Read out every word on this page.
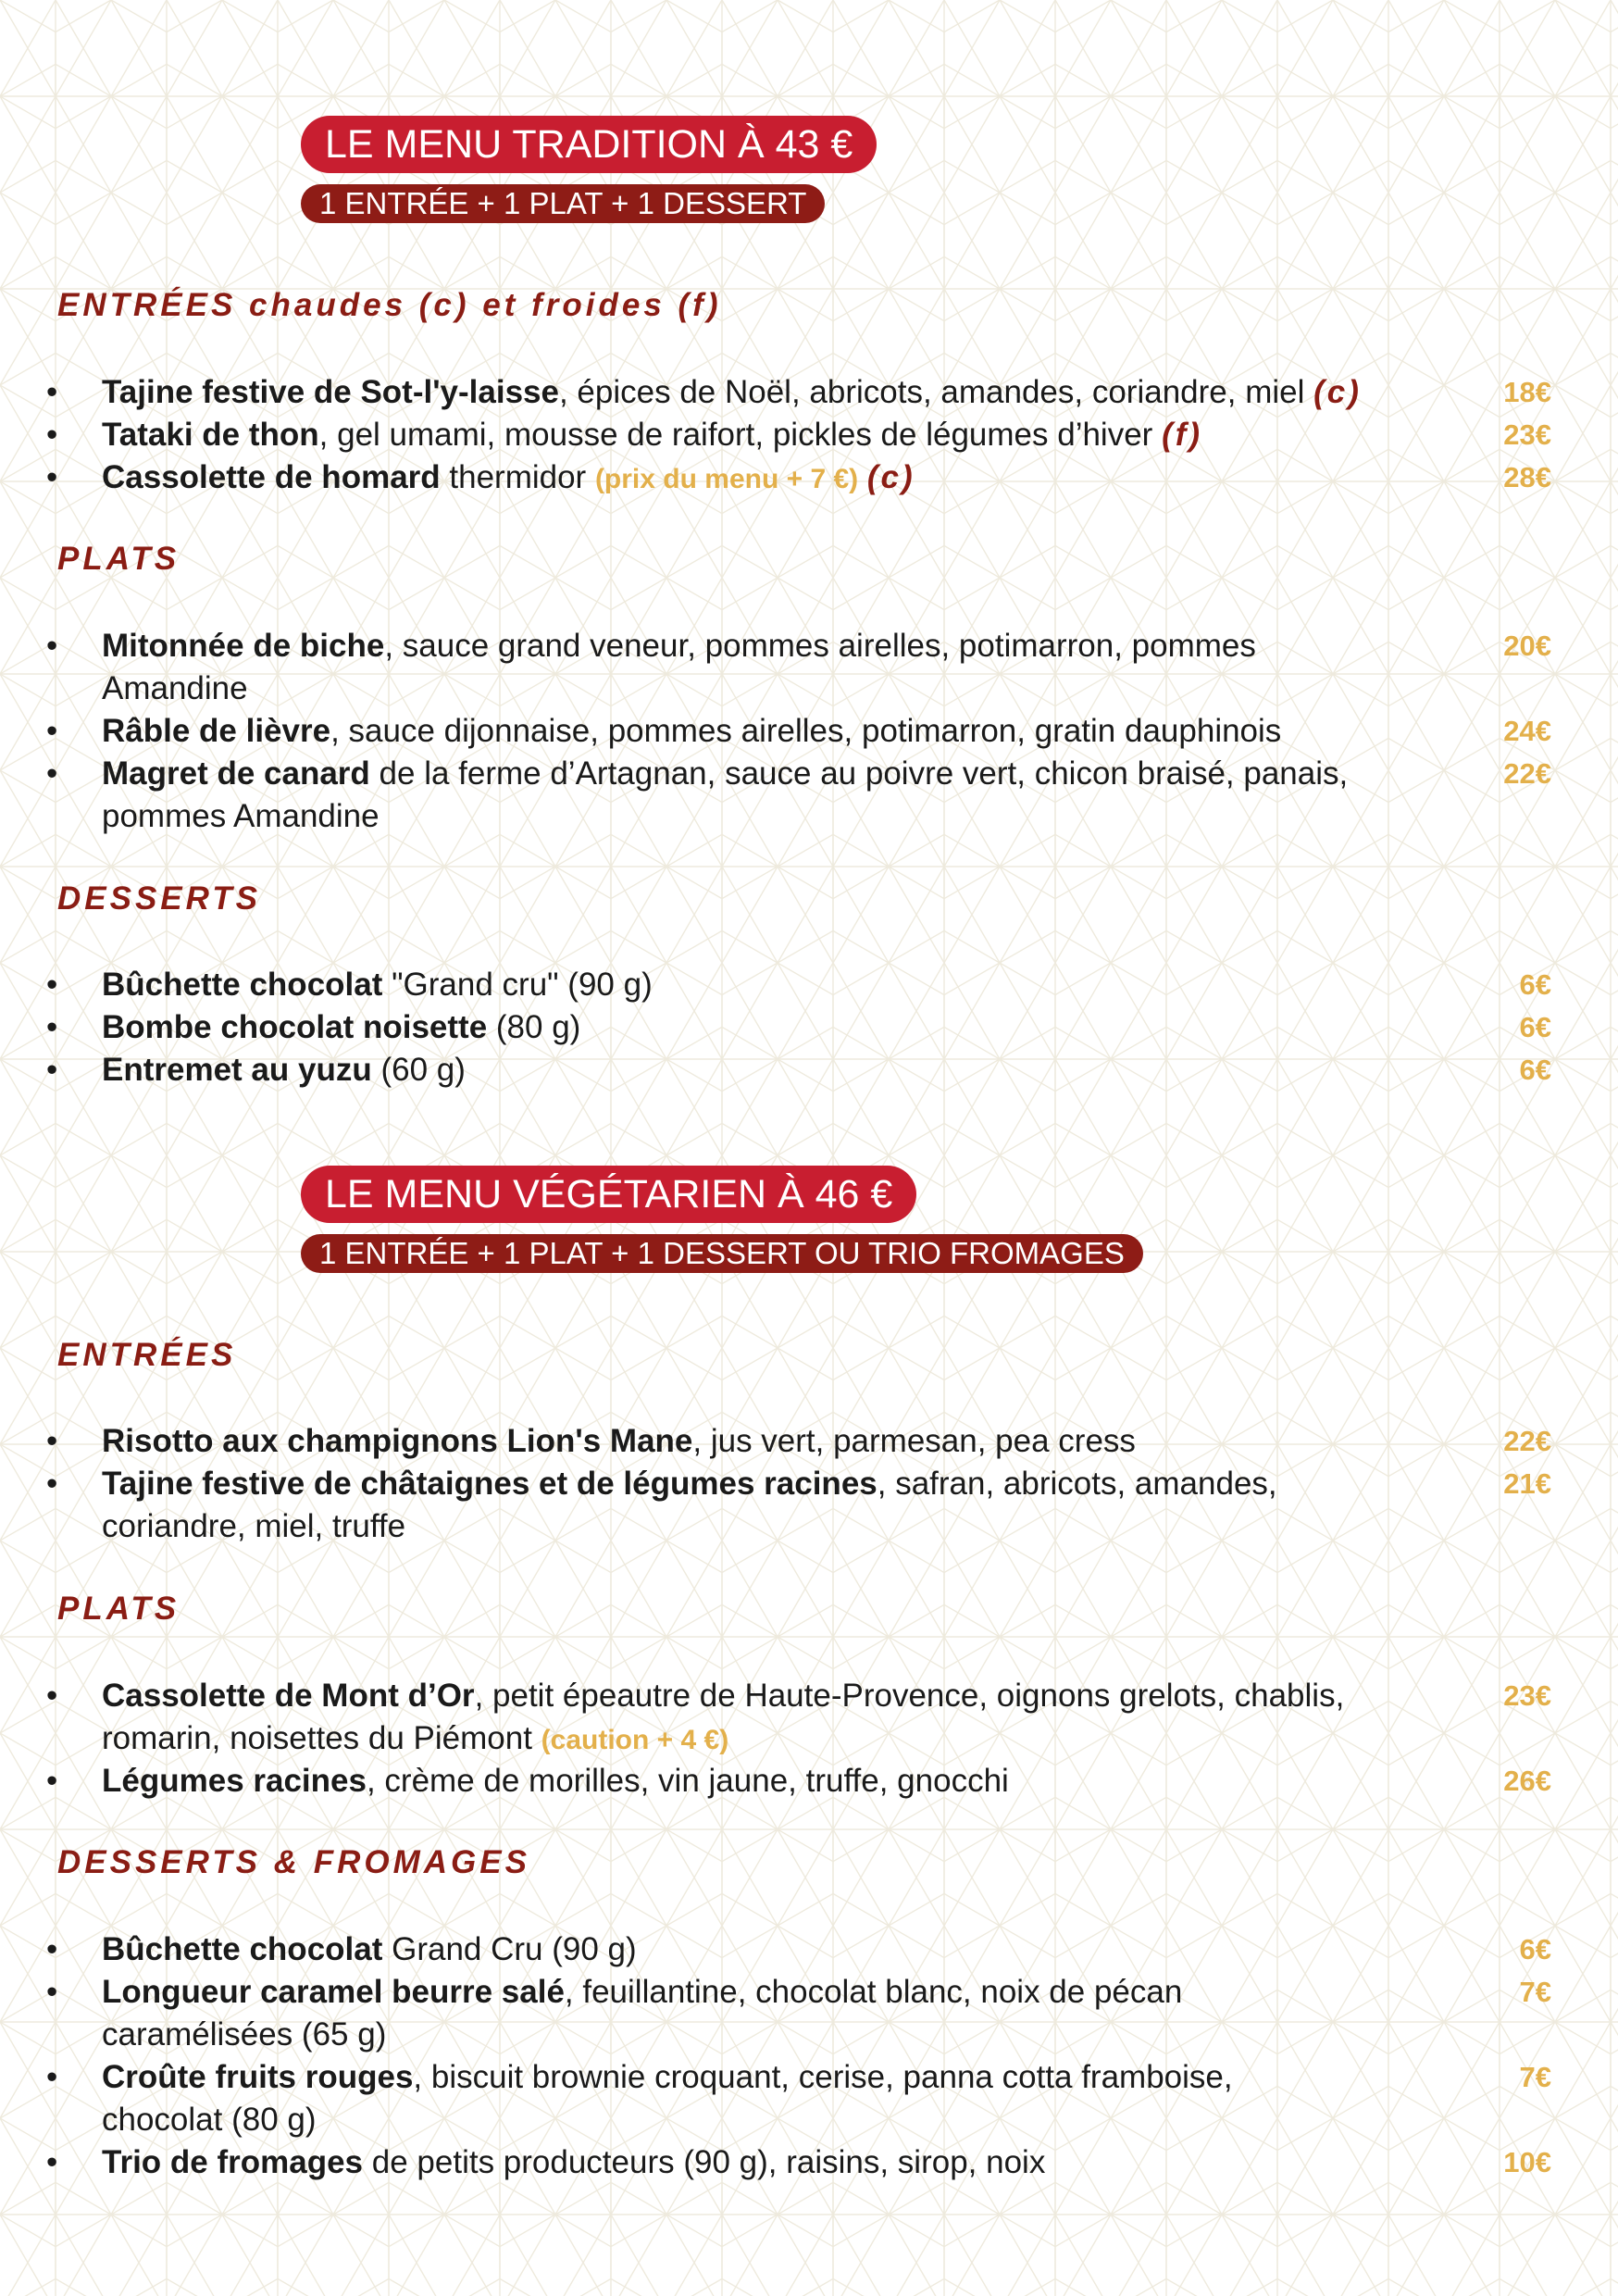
LE MENU TRADITION À 43 €
1 ENTRÉE + 1 PLAT + 1 DESSERT
ENTRÉES chaudes (c) et froides (f)
• Tajine festive de Sot-l'y-laisse, épices de Noël, abricots, amandes, coriandre, miel (c)	18€
• Tataki de thon, gel umami, mousse de raifort, pickles de légumes d’hiver (f)	23€
• Cassolette de homard thermidor (prix du menu + 7 €) (c)	28€
PLATS
• Mitonnée de biche, sauce grand veneur, pommes airelles, potimarron, pommes
Amandine
20€
• Râble de lièvre, sauce dijonnaise, pommes airelles, potimarron, gratin dauphinois	24€
• Magret de canard de la ferme d’Artagnan, sauce au poivre vert, chicon braisé, panais,
pommes Amandine
22€
DESSERTS
• Bûchette chocolat "Grand cru" (90 g)	6€
• Bombe chocolat noisette (80 g)	6€
• Entremet au yuzu (60 g)	6€
LE MENU VÉGÉTARIEN À 46 €
1 ENTRÉE + 1 PLAT + 1 DESSERT OU TRIO FROMAGES
ENTRÉES
• Risotto aux champignons Lion's Mane, jus vert, parmesan, pea cress	22€
• Tajine festive de châtaignes et de légumes racines, safran, abricots, amandes,
coriandre, miel, truffe
21€
PLATS
• Cassolette de Mont d’Or, petit épeautre de Haute-Provence, oignons grelots, chablis,
romarin, noisettes du Piémont (caution + 4 €)
23€
• Légumes racines, crème de morilles, vin jaune, truffe, gnocchi	26€
DESSERTS & FROMAGES
• Bûchette chocolat Grand Cru (90 g)	6€
• Longueur caramel beurre salé, feuillantine, chocolat blanc, noix de pécan
caramélisées (65 g)
7€
• Croûte fruits rouges, biscuit brownie croquant, cerise, panna cotta framboise,
chocolat (80 g)
7€
• Trio de fromages de petits producteurs (90 g), raisins, sirop, noix	10€
